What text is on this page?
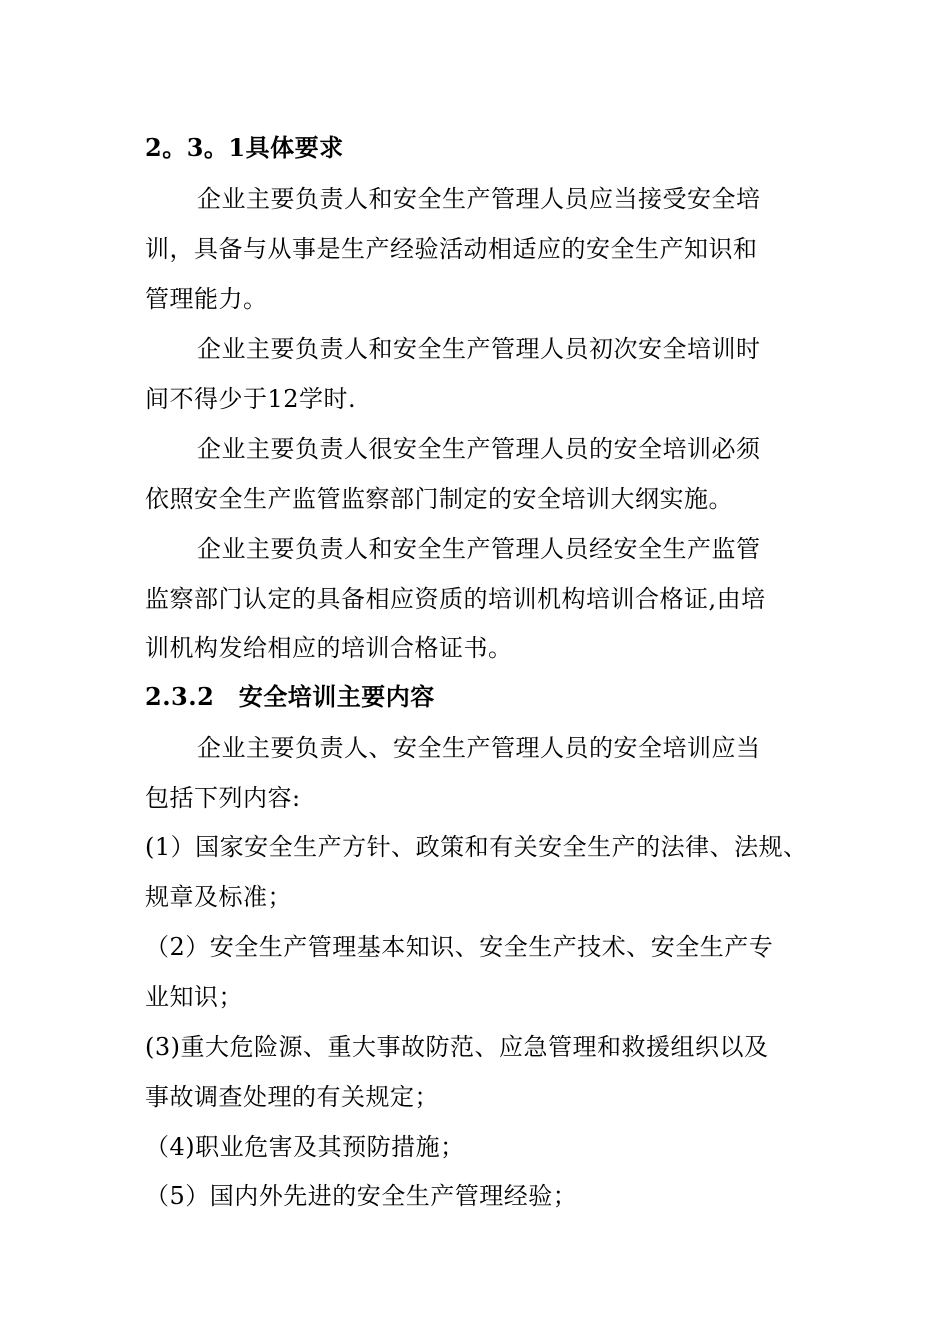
2。3。1具体要求
企业主要负责人和安全生产管理人员应当接受安全培
训，具备与从事是生产经验活动相适应的安全生产知识和
管理能力。
企业主要负责人和安全生产管理人员初次安全培训时
间不得少于12学时.
企业主要负责人很安全生产管理人员的安全培训必须
依照安全生产监管监察部门制定的安全培训大纲实施。
企业主要负责人和安全生产管理人员经安全生产监管
监察部门认定的具备相应资质的培训机构培训合格证,由培
训机构发给相应的培训合格证书。
2.3.2　安全培训主要内容
企业主要负责人、安全生产管理人员的安全培训应当
包括下列内容:
(1）国家安全生产方针、政策和有关安全生产的法律、法规、
规章及标准；
（2）安全生产管理基本知识、安全生产技术、安全生产专
业知识；
(3)重大危险源、重大事故防范、应急管理和救援组织以及
事故调查处理的有关规定；
（4)职业危害及其预防措施；
（5）国内外先进的安全生产管理经验；
